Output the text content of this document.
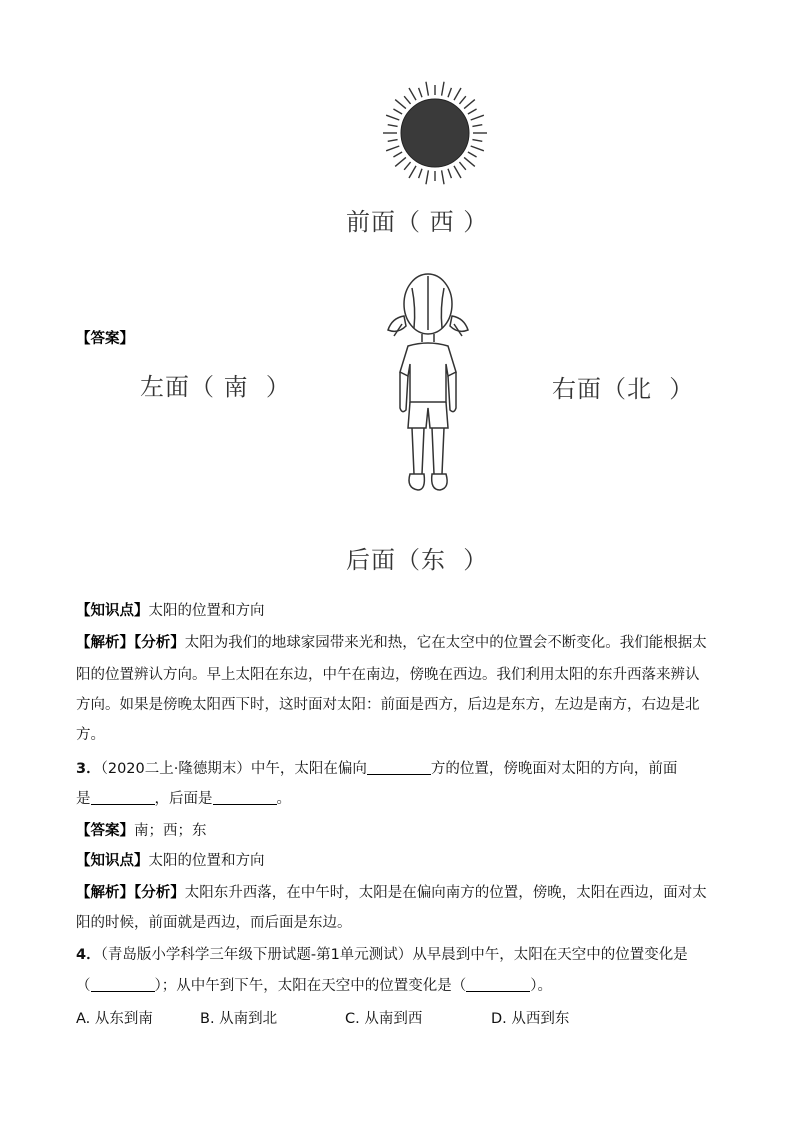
前面（ 西 ）
【答案】
左面（ 南  ）	右面（北  ）
后面（东  ）
【知识点】太阳的位置和方向
【解析】【分析】太阳为我们的地球家园带来光和热，它在太空中的位置会不断变化。我们能根据太
阳的位置辨认方向。早上太阳在东边，中午在南边，傍晚在西边。我们利用太阳的东升西落来辨认
方向。如果是傍晚太阳西下时，这时面对太阳：前面是西方，后边是东方，左边是南方，右边是北
方。
3．（2020二上·隆德期末）中午，太阳在偏向	方的位置，傍晚面对太阳的方向，前面
是	，后面是	。
【答案】南；西；东
【知识点】太阳的位置和方向
【解析】【分析】太阳东升西落，在中午时，太阳是在偏向南方的位置，傍晚，太阳在西边，面对太
阳的时候，前面就是西边，而后面是东边。
4．（青岛版小学科学三年级下册试题-第1单元测试）从早晨到中午，太阳在天空中的位置变化是
（	）；从中午到下午，太阳在天空中的位置变化是（	）。
A. 从东到南	B. 从南到北	C. 从南到西	D. 从西到东
